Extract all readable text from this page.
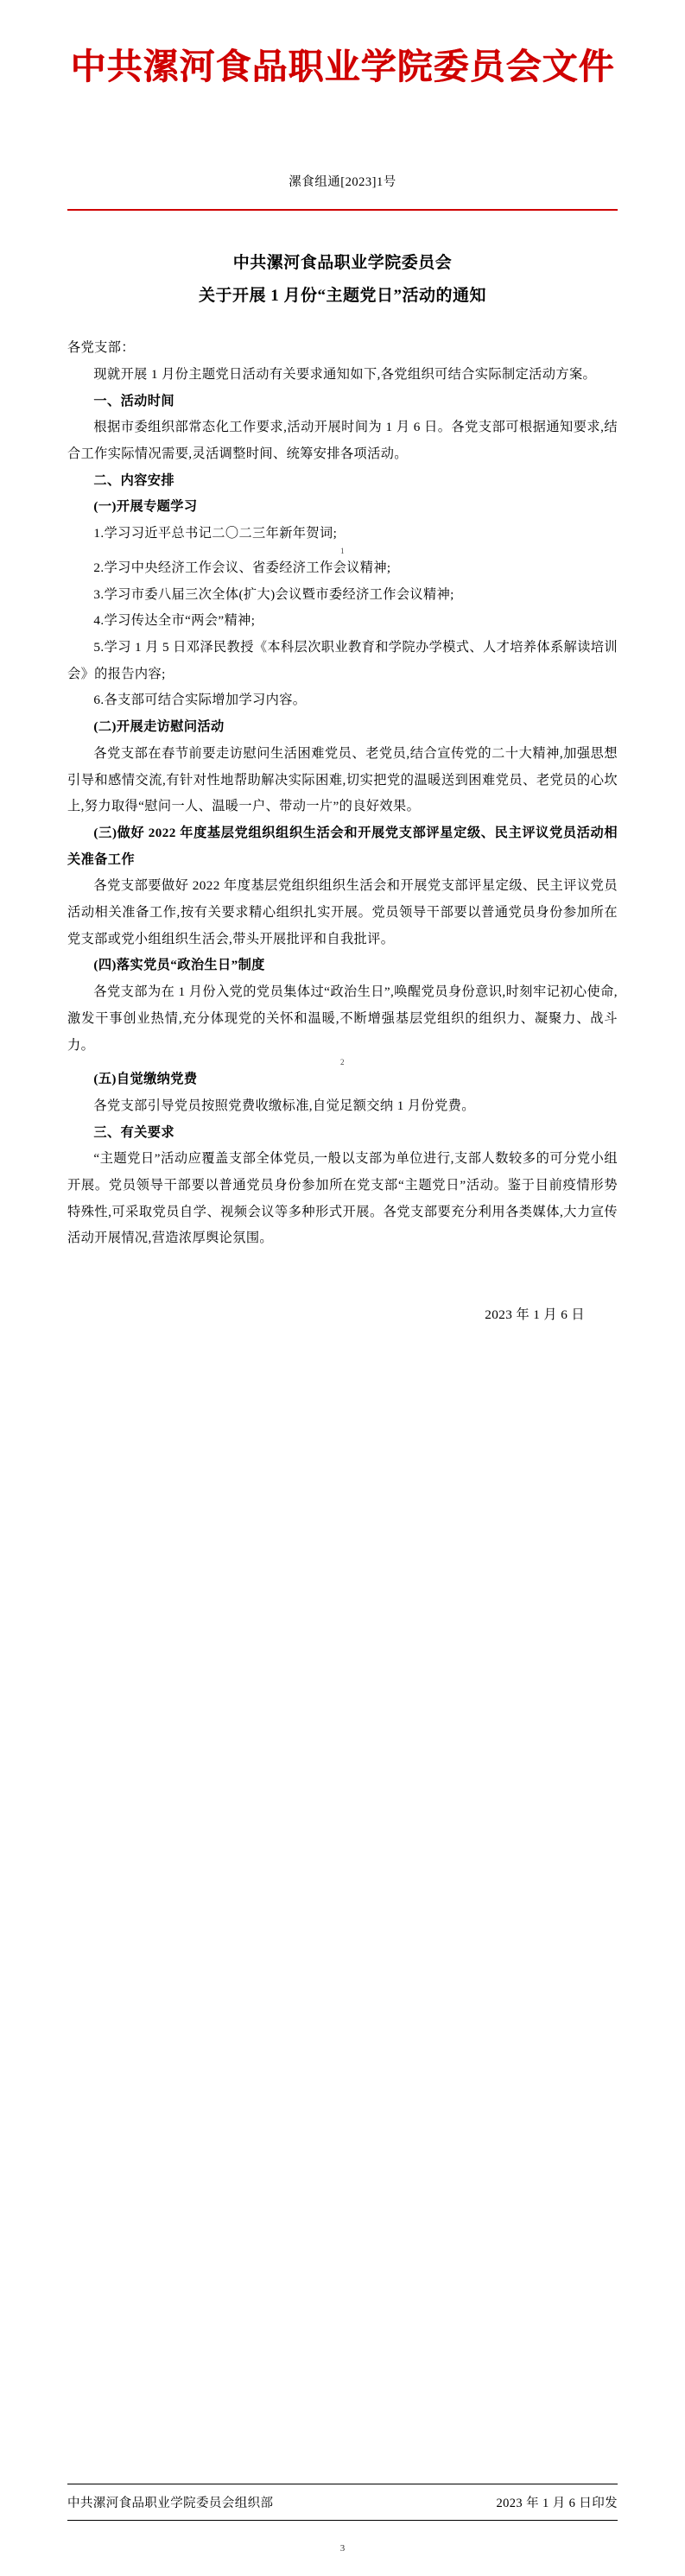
中共漯河食品职业学院委员会文件
漯食组通[2023]1号
中共漯河食品职业学院委员会
关于开展 1 月份“主题党日”活动的通知

各党支部：

现就开展 1 月份主题党日活动有关要求通知如下,各党组织可结合实际制定活动方案。

一、活动时间

根据市委组织部常态化工作要求,活动开展时间为 1 月 6 日。各党支部可根据通知要求,结合工作实际情况需要,灵活调整时间、统筹安排各项活动。

二、内容安排

(一)开展专题学习

1.学习习近平总书记二〇二三年新年贺词;

1

2.学习中央经济工作会议、省委经济工作会议精神;

3.学习市委八届三次全体(扩大)会议暨市委经济工作会议精神;

4.学习传达全市“两会”精神;

5.学习 1 月 5 日邓泽民教授《本科层次职业教育和学院办学模式、人才培养体系解读培训会》的报告内容;

6.各支部可结合实际增加学习内容。

(二)开展走访慰问活动

各党支部在春节前要走访慰问生活困难党员、老党员,结合宣传党的二十大精神,加强思想引导和感情交流,有针对性地帮助解决实际困难,切实把党的温暖送到困难党员、老党员的心坎上,努力取得“慰问一人、温暖一户、带动一片”的良好效果。

(三)做好 2022 年度基层党组织组织生活会和开展党支部评星定级、民主评议党员活动相关准备工作

各党支部要做好 2022 年度基层党组织组织生活会和开展党支部评星定级、民主评议党员活动相关准备工作,按有关要求精心组织扎实开展。党员领导干部要以普通党员身份参加所在党支部或党小组组织生活会,带头开展批评和自我批评。

(四)落实党员“政治生日”制度

各党支部为在 1 月份入党的党员集体过“政治生日”,唤醒党员身份意识,时刻牢记初心使命,激发干事创业热情,充分体现党的关怀和温暖,不断增强基层党组织的组织力、凝聚力、战斗力。

2

(五)自觉缴纳党费

各党支部引导党员按照党费收缴标准,自觉足额交纳 1 月份党费。

三、有关要求

“主题党日”活动应覆盖支部全体党员,一般以支部为单位进行,支部人数较多的可分党小组开展。党员领导干部要以普通党员身份参加所在党支部“主题党日”活动。鉴于目前疫情形势特殊性,可采取党员自学、视频会议等多种形式开展。各党支部要充分利用各类媒体,大力宣传活动开展情况,营造浓厚舆论氛围。

2023 年 1 月 6 日

中共漯河食品职业学院委员会组织部	2023 年 1 月 6 日印发
3
